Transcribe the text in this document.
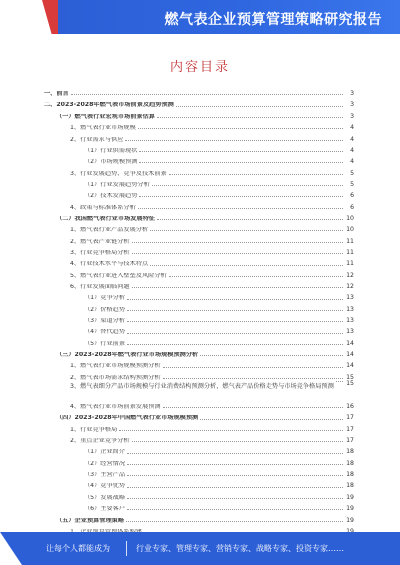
燃气表企业预算管理策略研究报告
内容目录
一、前言	3
二、2023-2028年燃气表市场前景及趋势预测	3
（一）燃气表行业宏观市场前景估算	3
1、燃气表行业市场规模	4
2、行业需求与供应	4
（1）行业供需现状	4
（2）市场规模预测	4
3、行业发展趋势、竞争及技术前景	5
（1）行业发展趋势分析	5
（2）技术发展趋势	6
4、政策与标准体系分析	6
（二）我国燃气表行业市场发展特征	10
1、燃气表行业产品发展分析	10
2、燃气表产业链分析	11
3、行业竞争格局分析	11
4、行业技术水平与技术特点	11
5、燃气表行业进入壁垒及风险分析	12
6、行业发展面临问题	12
（1）竞争分析	13
（2）价格趋势	13
（3）渠道分析	13
（4）替代趋势	13
（5）行业前景	14
（三）2023-2028年燃气表行业市场规模预测分析	14
1、燃气表行业市场规模预测分析	14
2、燃气表市场需求结构预测分析	15
3、燃气表细分产品市场规模与行业消费结构预测分析，燃气表产品价格走势与市场竞争格局预测	15
4、燃气表行业市场前景发展预测	16
（四）2023-2028年中国燃气表行业市场规模预测	17
1、行业竞争格局	17
2、重点企业竞争分析	17
（1）企业简介	18
（2）经营情况	18
（3）主营产品	18
（4）竞争优势	18
（5）发展战略	19
（6）主要客户	19
（五）企业预算管理策略	19
·
让每个人都能成为	行业专家、管理专家、营销专家、战略专家、投资专家……
